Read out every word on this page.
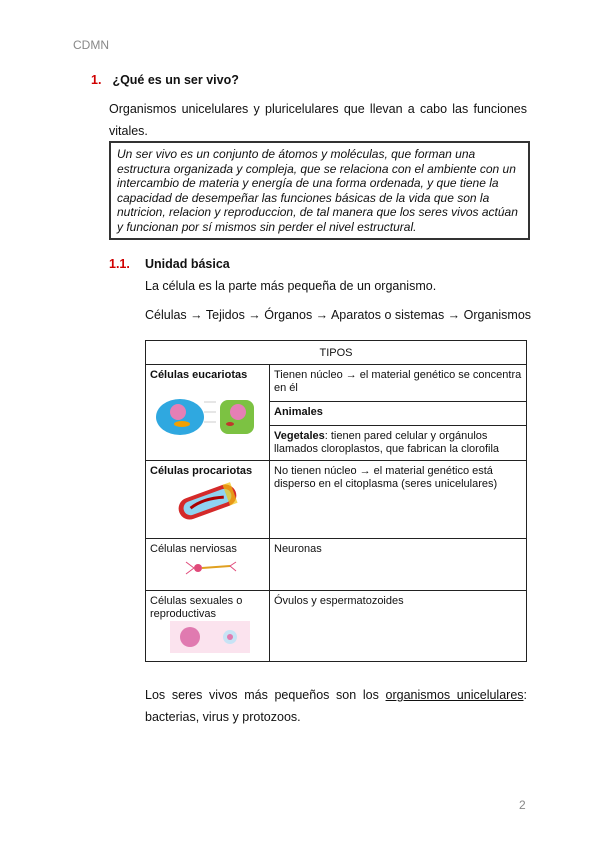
CDMN
1. ¿Qué es un ser vivo?
Organismos unicelulares y pluricelulares que llevan a cabo las funciones vitales.
Un ser vivo es un conjunto de átomos y moléculas, que forman una estructura organizada y compleja, que se relaciona con el ambiente con un intercambio de materia y energía de una forma ordenada, y que tiene la capacidad de desempeñar las funciones básicas de la vida que son la nutricion, relacion y reproduccion, de tal manera que los seres vivos actúan y funcionan por sí mismos sin perder el nivel estructural.
1.1. Unidad básica
La célula es la parte más pequeña de un organismo.
Células → Tejidos → Órganos → Aparatos o sistemas → Organismos
TIPOS	

Células eucariotas	Tienen núcleo → el material genético se concentra en él
	Animales
	Vegetales: tienen pared celular y orgánulos llamados cloroplastos, que fabrican la clorofila

Células procariotas	No tienen núcleo → el material genético está disperso en el citoplasma (seres unicelulares)

Células nerviosas	Neuronas

Células sexuales o reproductivas	Óvulos y espermatozoides
Los seres vivos más pequeños son los organismos unicelulares: bacterias, virus y protozoos.
2
